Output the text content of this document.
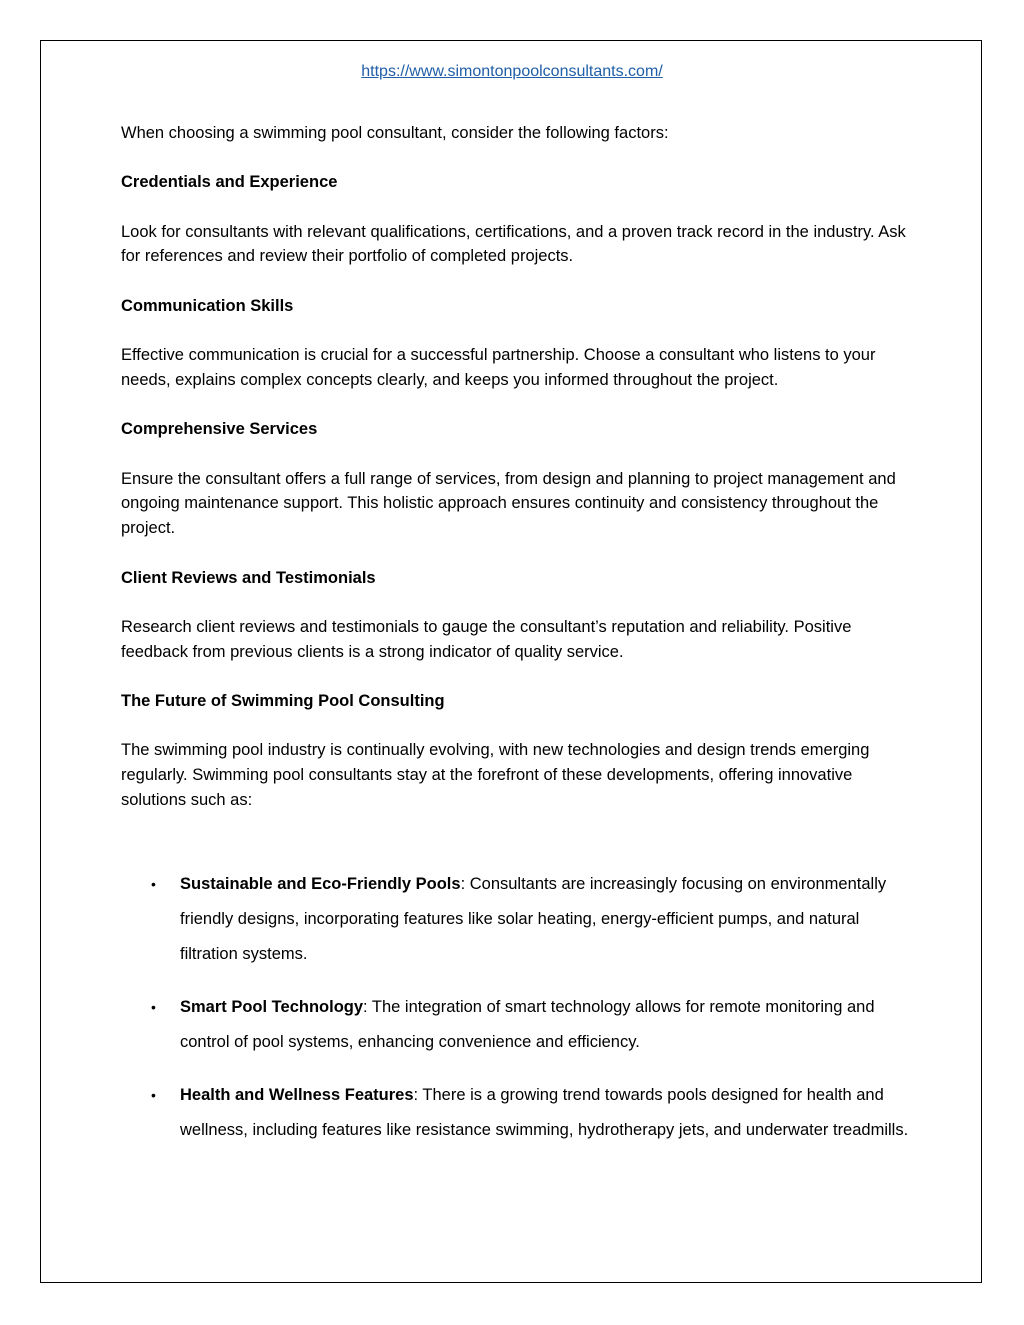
https://www.simontonpoolconsultants.com/

When choosing a swimming pool consultant, consider the following factors:

Credentials and Experience

Look for consultants with relevant qualifications, certifications, and a proven track record in the industry. Ask for references and review their portfolio of completed projects.

Communication Skills

Effective communication is crucial for a successful partnership. Choose a consultant who listens to your needs, explains complex concepts clearly, and keeps you informed throughout the project.

Comprehensive Services

Ensure the consultant offers a full range of services, from design and planning to project management and ongoing maintenance support. This holistic approach ensures continuity and consistency throughout the project.

Client Reviews and Testimonials

Research client reviews and testimonials to gauge the consultant’s reputation and reliability. Positive feedback from previous clients is a strong indicator of quality service.

The Future of Swimming Pool Consulting

The swimming pool industry is continually evolving, with new technologies and design trends emerging regularly. Swimming pool consultants stay at the forefront of these developments, offering innovative solutions such as:

• Sustainable and Eco-Friendly Pools: Consultants are increasingly focusing on environmentally friendly designs, incorporating features like solar heating, energy-efficient pumps, and natural filtration systems.
• Smart Pool Technology: The integration of smart technology allows for remote monitoring and control of pool systems, enhancing convenience and efficiency.
• Health and Wellness Features: There is a growing trend towards pools designed for health and wellness, including features like resistance swimming, hydrotherapy jets, and underwater treadmills.
